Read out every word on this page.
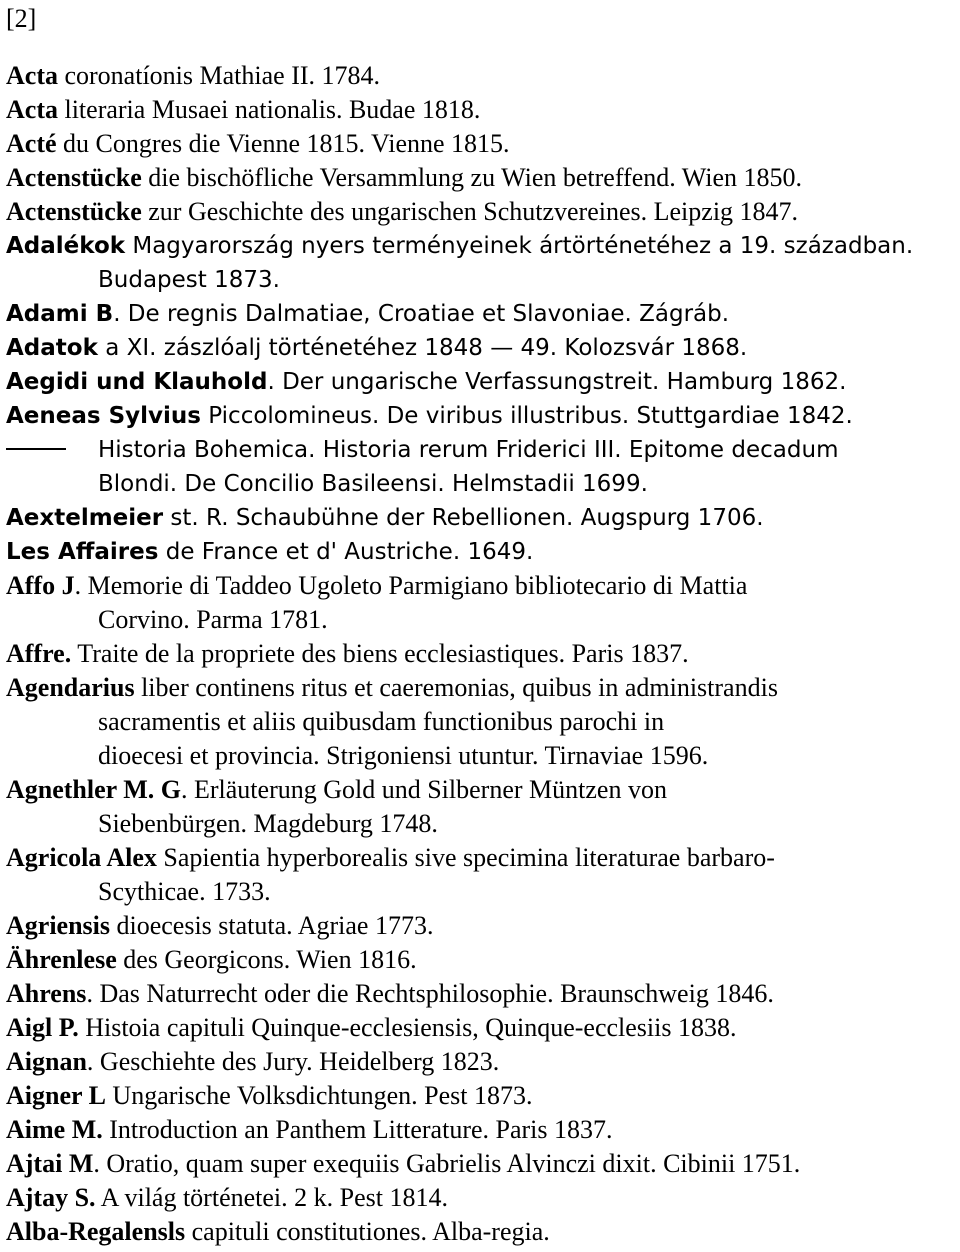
[2]
Acta coronatíonis Mathiae II. 1784.
Acta literaria Musaei nationalis. Budae 1818.
Acté du Congres die Vienne 1815. Vienne 1815.
Actenstücke die bischöfliche Versammlung zu Wien betreffend. Wien 1850.
Actenstücke zur Geschichte des ungarischen Schutzvereines. Leipzig 1847.
Adalékok Magyarország nyers terményeinek ártörténetéhez a 19. században.
Budapest 1873.
Adami B. De regnis Dalmatiae, Croatiae et Slavoniae. Zágráb.
Adatok a XI. zászlóalj történetéhez 1848 — 49. Kolozsvár 1868.
Aegidi und Klauhold. Der ungarische Verfassungstreit. Hamburg 1862.
Aeneas Sylvius Piccolomineus. De viribus illustribus. Stuttgardiae 1842.
Historia Bohemica. Historia rerum Friderici III. Epitome decadum
Blondi. De Concilio Basileensi. Helmstadii 1699.
Aextelmeier st. R. Schaubühne der Rebellionen. Augspurg 1706.
Les Affaires de France et d' Austriche. 1649.
Affo J. Memorie di Taddeo Ugoleto Parmigiano bibliotecario di Mattia
Corvino. Parma 1781.
Affre. Traite de la propriete des biens ecclesiastiques. Paris 1837.
Agendarius liber continens ritus et caeremonias, quibus in administrandis
sacramentis et aliis quibusdam functionibus parochi in
dioecesi et provincia. Strigoniensi utuntur. Tirnaviae 1596.
Agnethler M. G. Erläuterung Gold und Silberner Müntzen von
Siebenbürgen. Magdeburg 1748.
Agricola Alex Sapientia hyperborealis sive specimina literaturae barbaro-
Scythicae. 1733.
Agriensis dioecesis statuta. Agriae 1773.
Ährenlese des Georgicons. Wien 1816.
Ahrens. Das Naturrecht oder die Rechtsphilosophie. Braunschweig 1846.
Aigl P. Histoia capituli Quinque-ecclesiensis, Quinque-ecclesiis 1838.
Aignan. Geschiehte des Jury. Heidelberg 1823.
Aigner L Ungarische Volksdichtungen. Pest 1873.
Aime M. Introduction an Panthem Litterature. Paris 1837.
Ajtai M. Oratio, quam super exequiis Gabrielis Alvinczi dixit. Cibinii 1751.
Ajtay S. A világ történetei. 2 k. Pest 1814.
Alba-Regalensls capituli constitutiones. Alba-regia.
